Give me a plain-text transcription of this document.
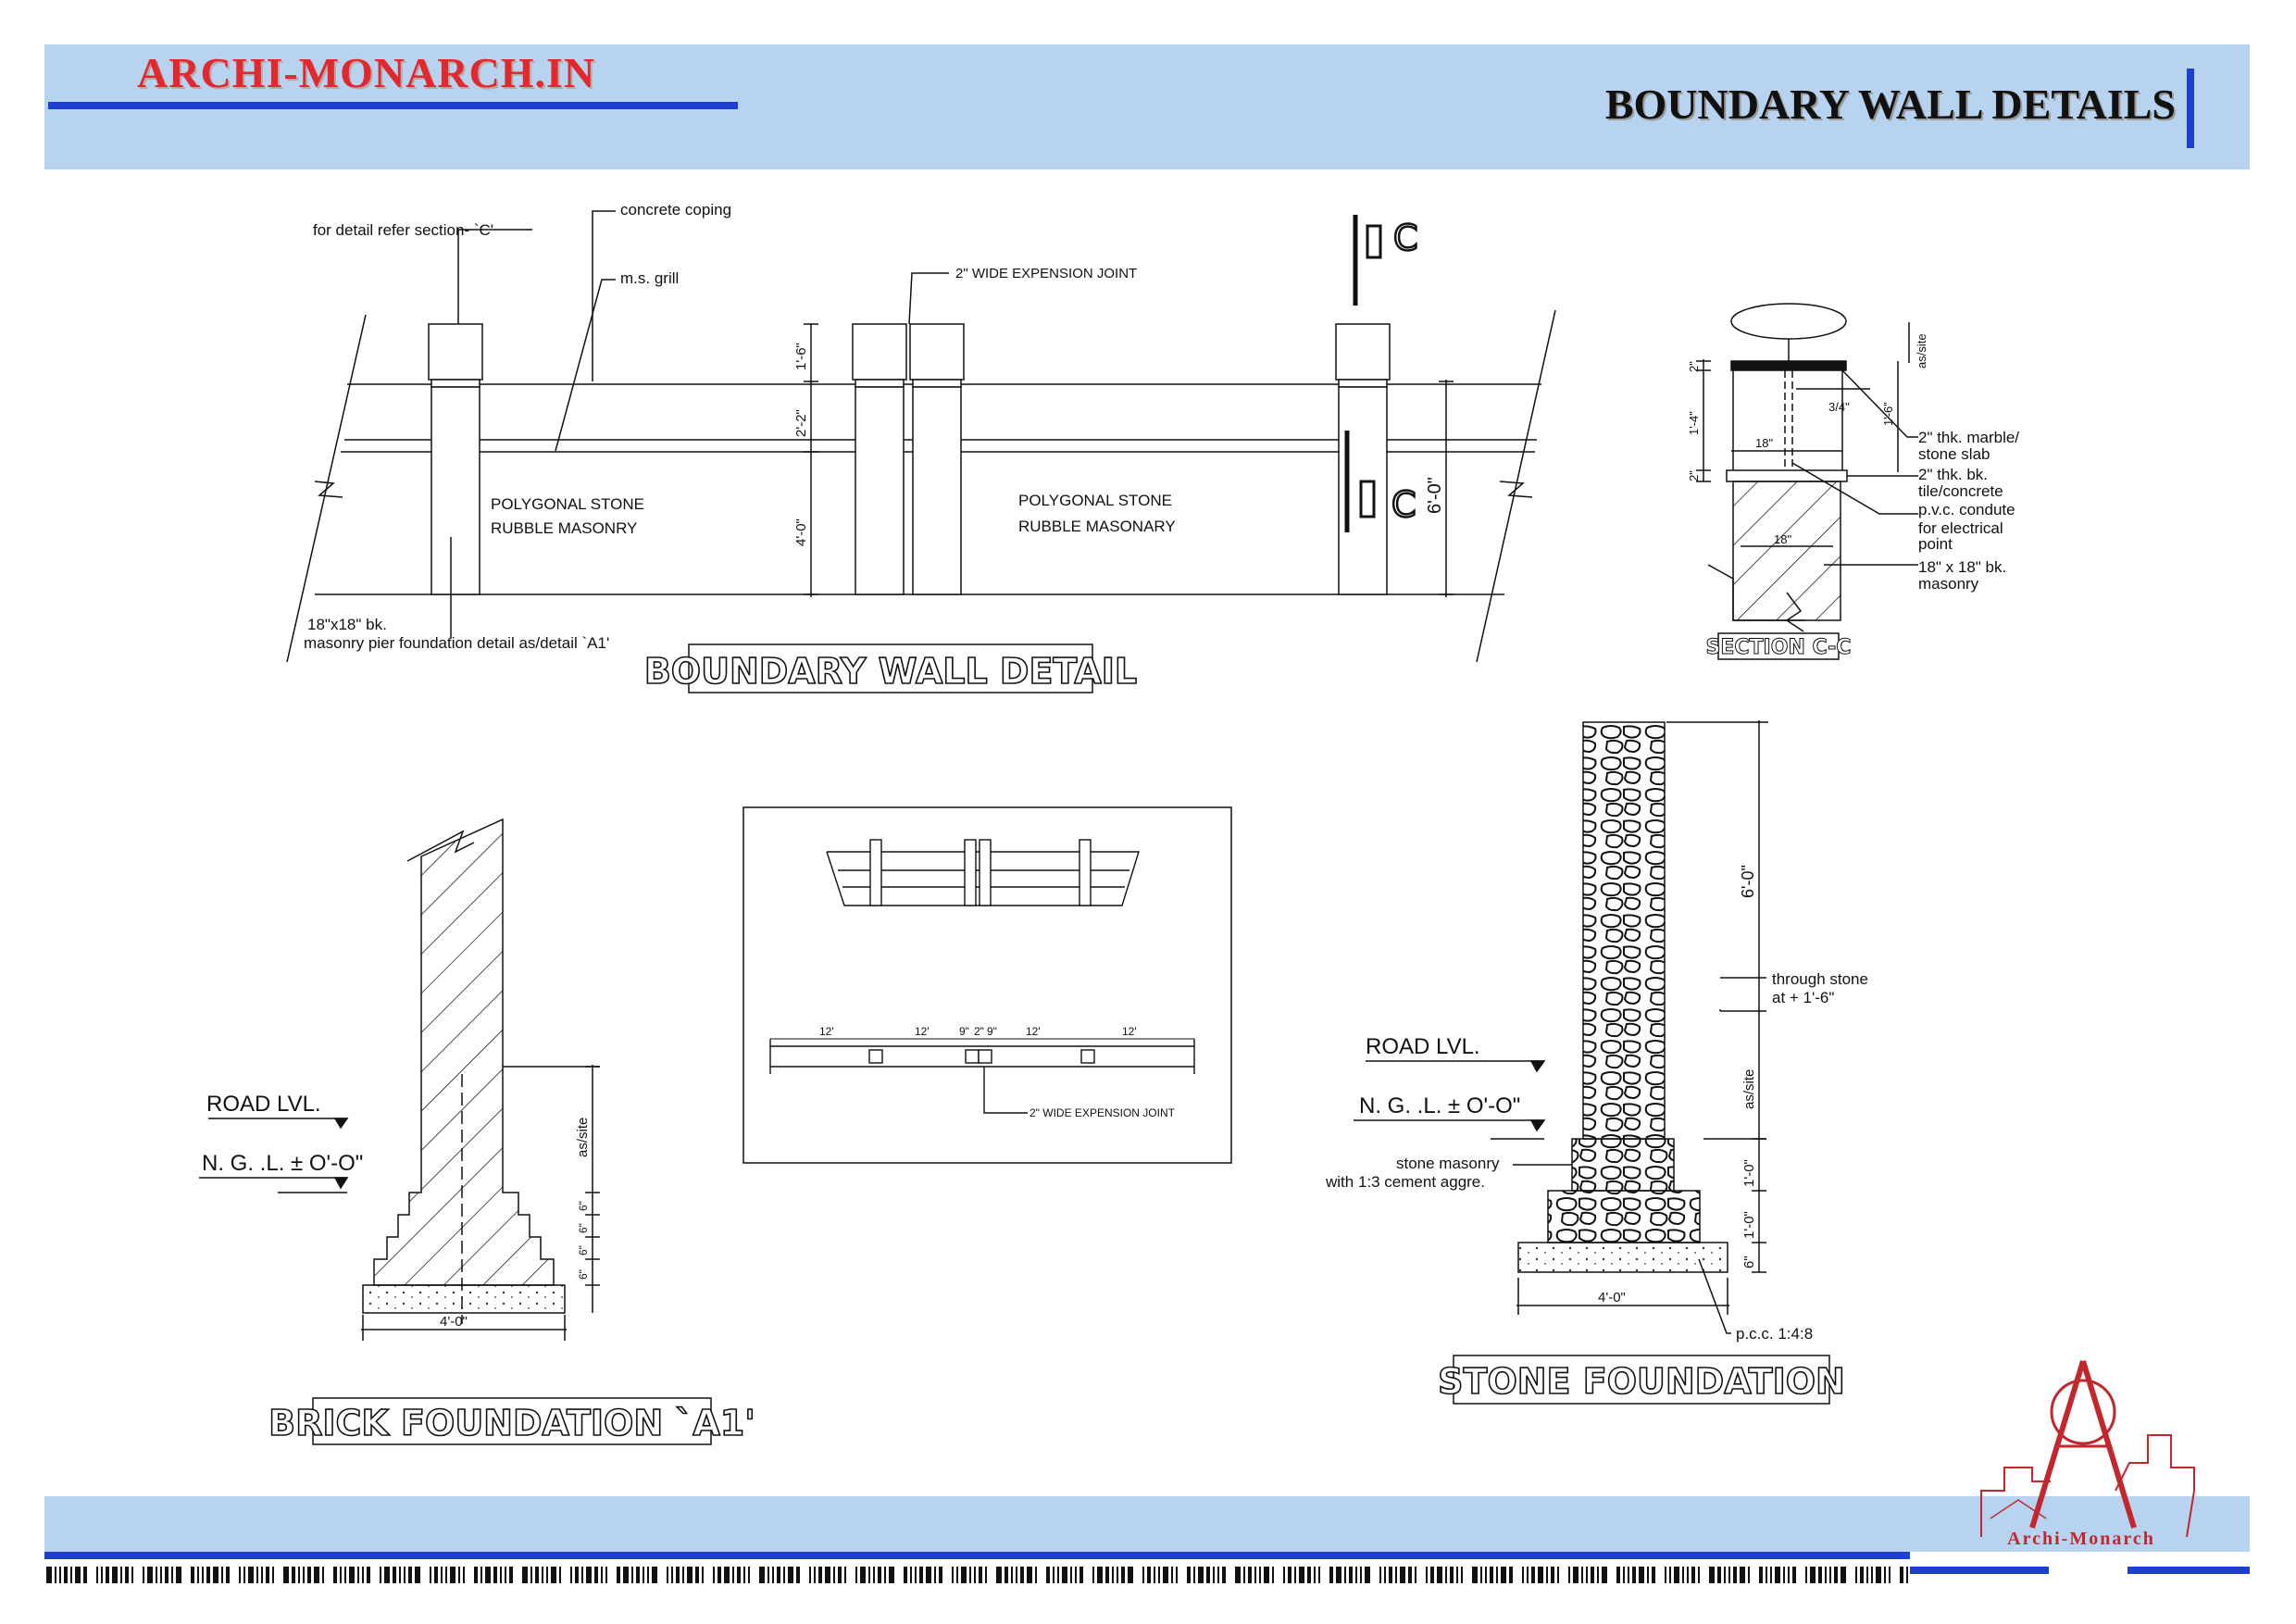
ARCHI-MONARCH.IN
BOUNDARY WALL DETAILS
for detail refer section- `C'
concrete coping
m.s. grill	2" WIDE EXPENSION JOINT
POLYGONAL STONE
RUBBLE MASONRY
POLYGONAL STONE
RUBBLE MASONARY
18"x18" bk.
masonry pier foundation detail as/detail `A1'
1'-6"
2'-2"
4'-0"
6'-0"
C
C
BOUNDARY WALL DETAIL
2" thk. marble/
stone slab
2" thk. bk.
tile/concrete
p.v.c. condute
for electrical
point
18" x 18" bk.
masonry
as/site
2"
1'-4"
2"
3/4"	1'-6"
18"
18"
SECTION C-C
12'	12'	9" 2" 9"	12'	12'
2" WIDE EXPENSION JOINT
ROAD LVL.
N. G. .L. ± O'-O"
as/site
6"
6"
6"
6"
4'-0"
BRICK FOUNDATION `A1'
ROAD LVL.
N. G. .L. ± O'-O"
through stone
at + 1'-6"
stone masonry
with 1:3 cement aggre.
p.c.c. 1:4:8
6'-0"
as/site
1'-0"
1'-0"
6"
4'-0"
STONE FOUNDATION
Archi-Monarch
